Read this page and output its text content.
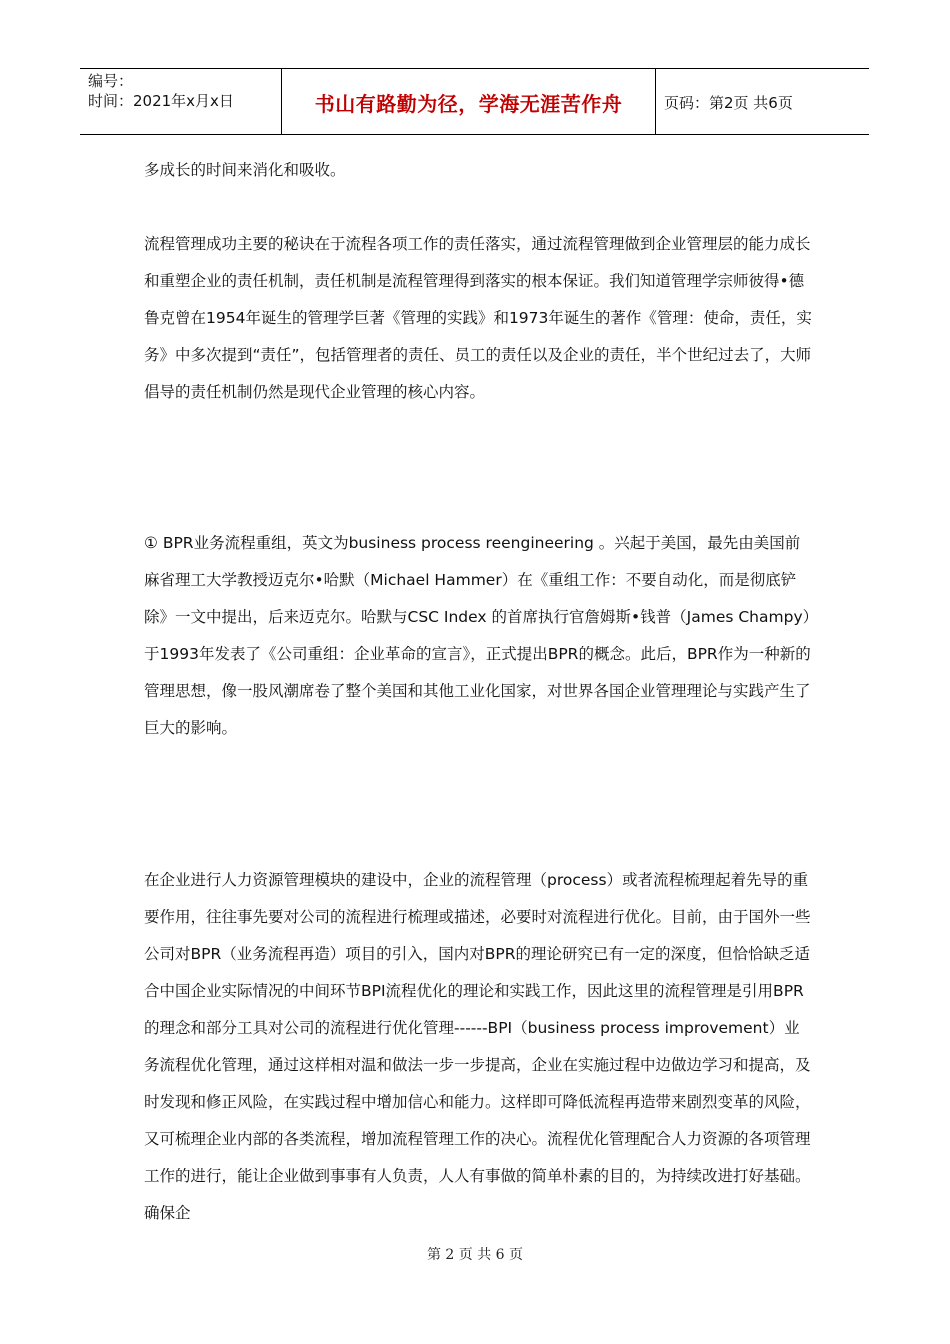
编号：
时间：2021年x月x日	书山有路勤为径，学海无涯苦作舟	页码：第2页 共6页

多成长的时间来消化和吸收。

流程管理成功主要的秘诀在于流程各项工作的责任落实，通过流程管理做到企业管理层的能力成长和重塑企业的责任机制，责任机制是流程管理得到落实的根本保证。我们知道管理学宗师彼得•德鲁克曾在1954年诞生的管理学巨著《管理的实践》和1973年诞生的著作《管理：使命，责任，实务》中多次提到“责任”，包括管理者的责任、员工的责任以及企业的责任，半个世纪过去了，大师倡导的责任机制仍然是现代企业管理的核心内容。

① BPR业务流程重组，英文为business process reengineering 。兴起于美国，最先由美国前麻省理工大学教授迈克尔•哈默（Michael Hammer）在《重组工作：不要自动化，而是彻底铲除》一文中提出，后来迈克尔。哈默与CSC Index 的首席执行官詹姆斯•钱普（James Champy）于1993年发表了《公司重组：企业革命的宣言》，正式提出BPR的概念。此后，BPR作为一种新的管理思想，像一股风潮席卷了整个美国和其他工业化国家，对世界各国企业管理理论与实践产生了巨大的影响。

在企业进行人力资源管理模块的建设中，企业的流程管理（process）或者流程梳理起着先导的重要作用，往往事先要对公司的流程进行梳理或描述，必要时对流程进行优化。目前，由于国外一些公司对BPR（业务流程再造）项目的引入，国内对BPR的理论研究已有一定的深度，但恰恰缺乏适合中国企业实际情况的中间环节BPI流程优化的理论和实践工作，因此这里的流程管理是引用BPR的理念和部分工具对公司的流程进行优化管理------BPI（business process improvement）业务流程优化管理，通过这样相对温和做法一步一步提高，企业在实施过程中边做边学习和提高，及时发现和修正风险，在实践过程中增加信心和能力。这样即可降低流程再造带来剧烈变革的风险，又可梳理企业内部的各类流程，增加流程管理工作的决心。流程优化管理配合人力资源的各项管理工作的进行，能让企业做到事事有人负责，人人有事做的简单朴素的目的，为持续改进打好基础。确保企

第 2 页 共 6 页
